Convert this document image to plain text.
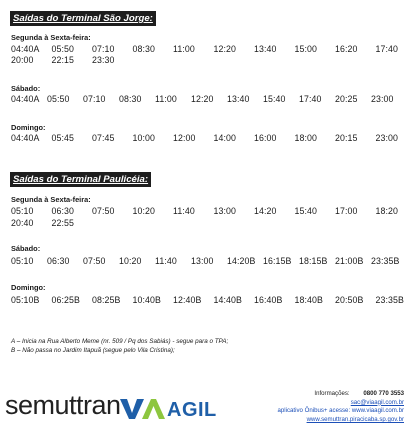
Saídas do Terminal São Jorge:
Segunda à Sexta-feira:
04:40A 05:50 07:10 08:30 11:00 12:20 13:40 15:00 16:20 17:40
20:00 22:15 23:30
Sábado:
04:40A 05:50 07:10 08:30 11:00 12:20 13:40 15:40 17:40 20:25 23:00
Domingo:
04:40A 05:45 07:45 10:00 12:00 14:00 16:00 18:00 20:15 23:00
Saídas do Terminal Paulicéia:
Segunda à Sexta-feira:
05:10 06:30 07:50 10:20 11:40 13:00 14:20 15:40 17:00 18:20
20:40 22:55
Sábado:
05:10 06:30 07:50 10:20 11:40 13:00 14:20B 16:15B 18:15B 21:00B 23:35B
Domingo:
05:10B 06:25B 08:25B 10:40B 12:40B 14:40B 16:40B 18:40B 20:50B 23:35B
A – Inicia na Rua Alberto Meme (nr. 509 / Pq dos Sabiás) - segue para o TPA;
B – Não passa no Jardim Itapuã (segue pelo Vila Cristina);
semuttran
AGIL
Informações: 0800 770 3553
sac@viaagil.com.br
aplicativo Ônibus+ acesse: www.viaagil.com.br
www.semuttran.piracicaba.sp.gov.br
